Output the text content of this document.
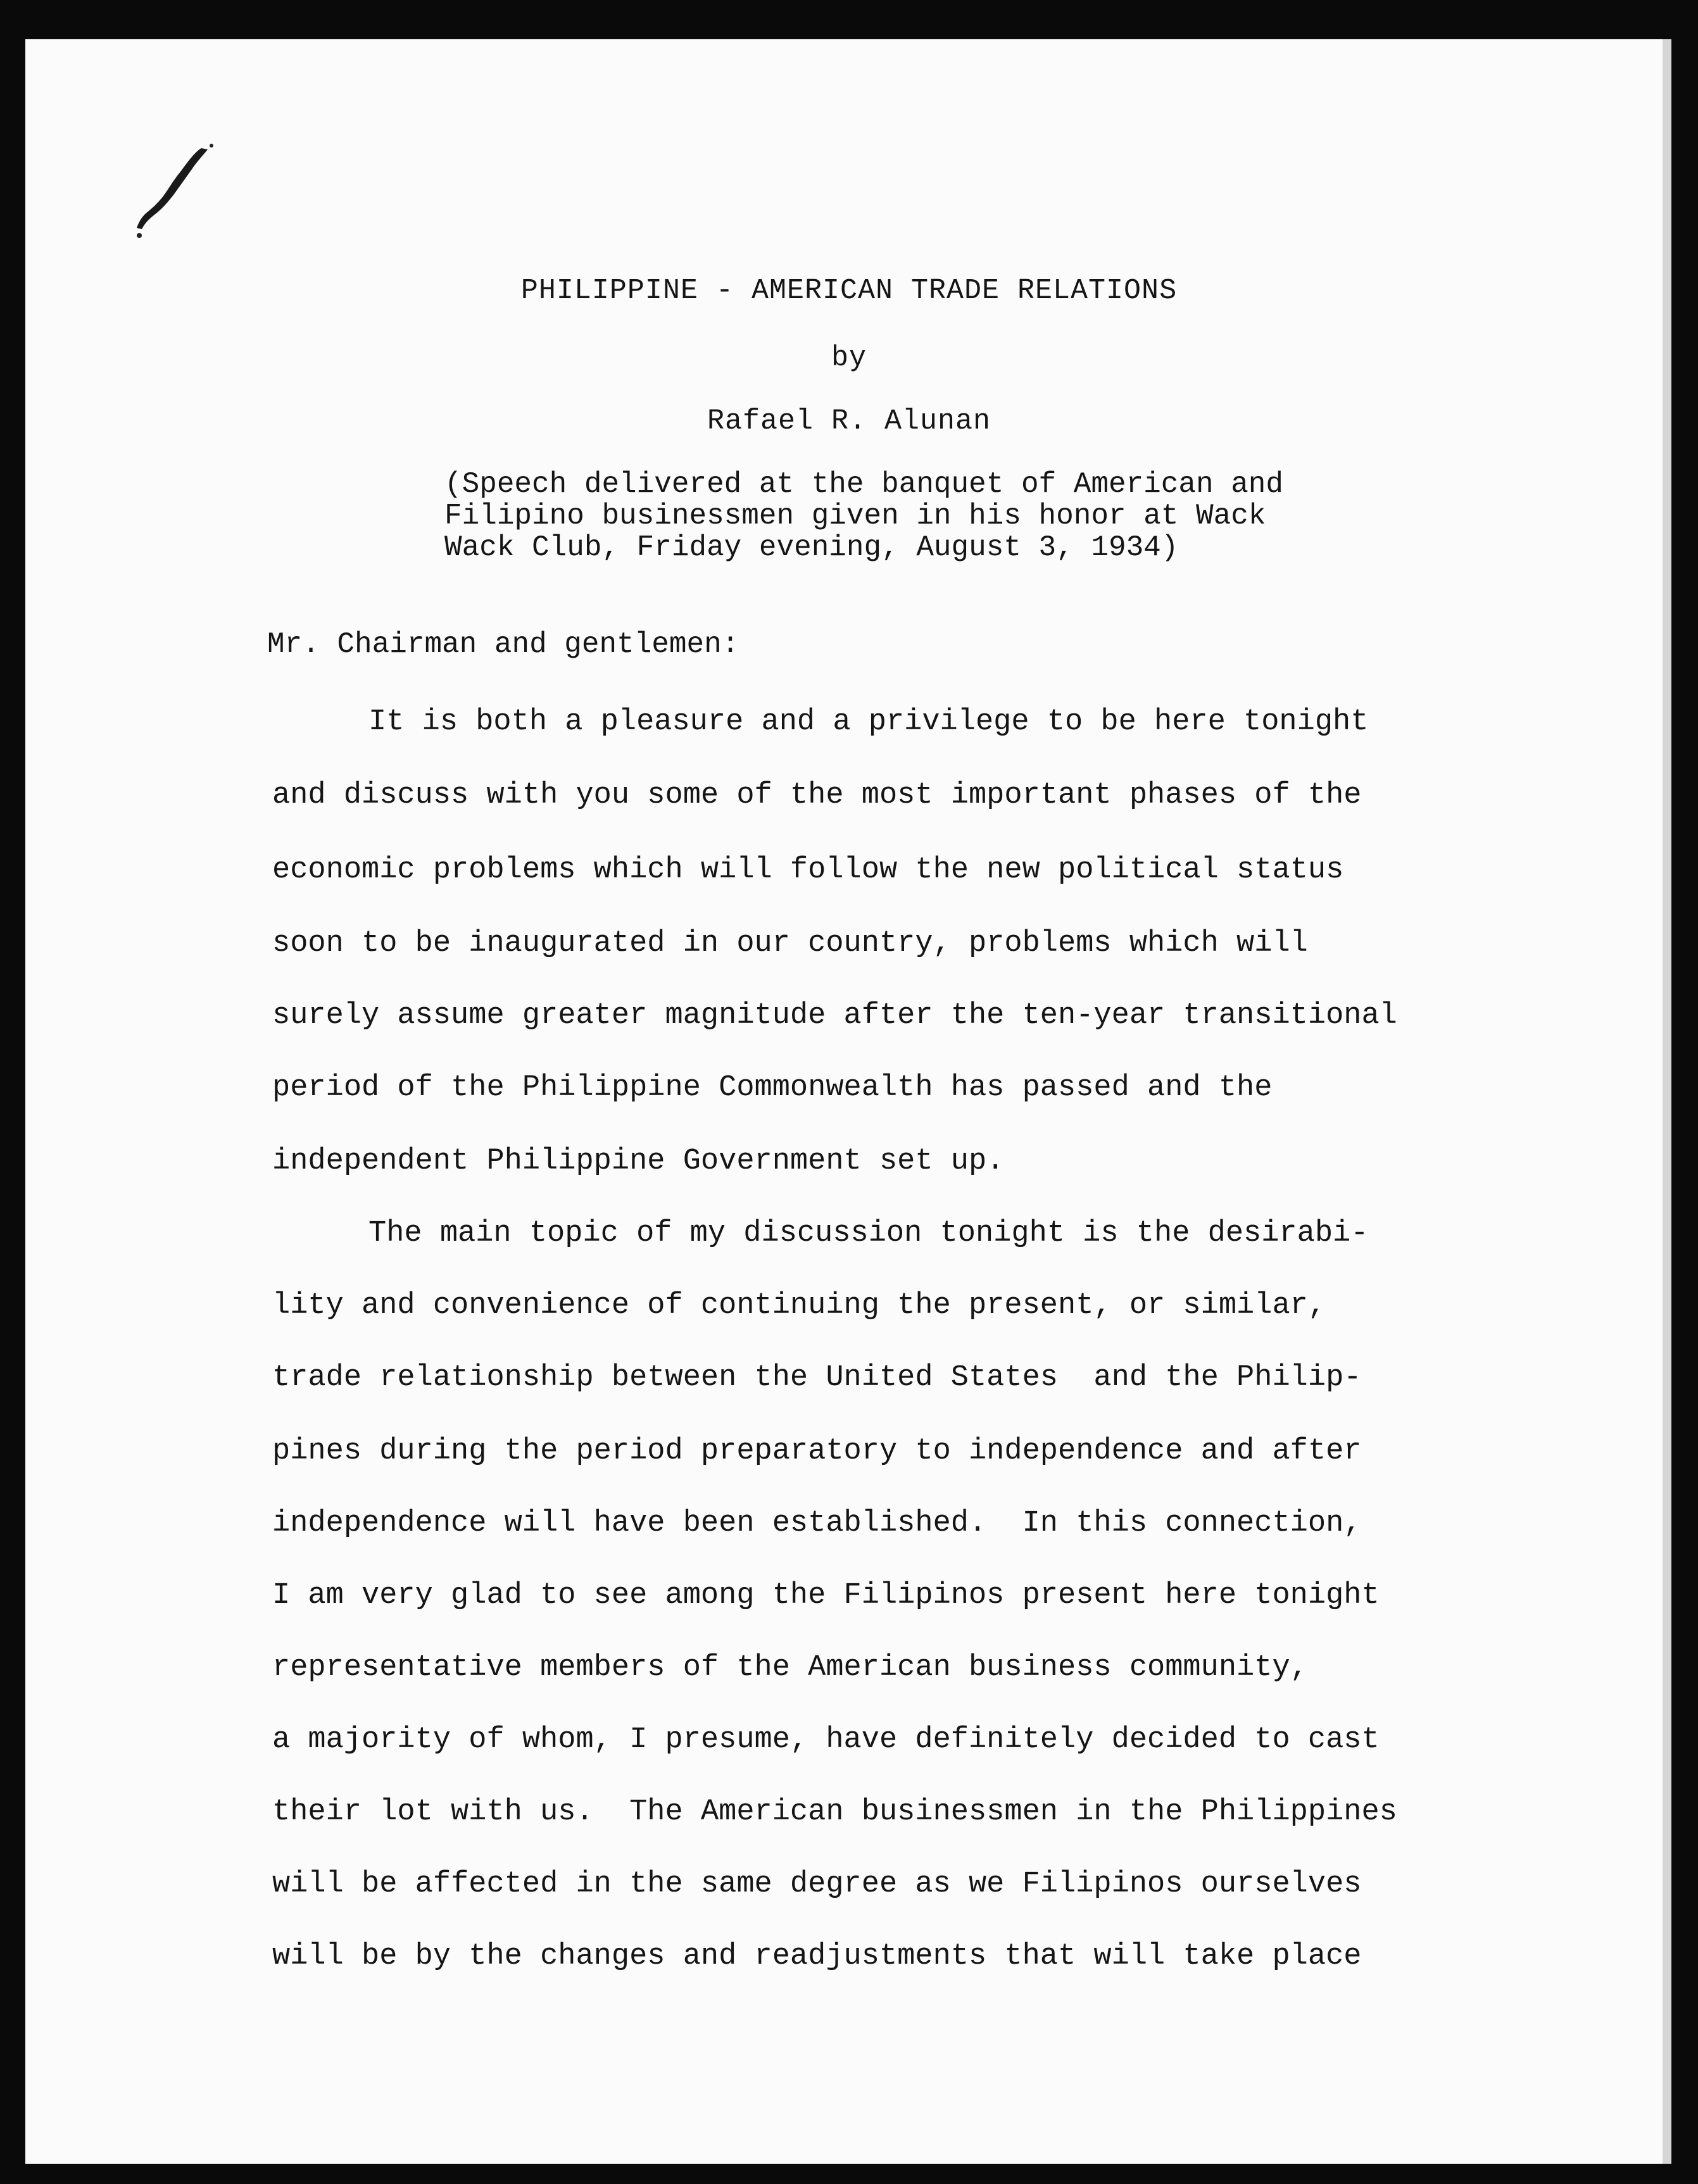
PHILIPPINE - AMERICAN TRADE RELATIONS

by

Rafael R. Alunan

(Speech delivered at the banquet of American and

Filipino businessmen given in his honor at Wack

Wack Club, Friday evening, August 3, 1934)

Mr. Chairman and gentlemen:

It is both a pleasure and a privilege to be here tonight

and discuss with you some of the most important phases of the

economic problems which will follow the new political status

soon to be inaugurated in our country, problems which will

surely assume greater magnitude after the ten-year transitional

period of the Philippine Commonwealth has passed and the

independent Philippine Government set up.

The main topic of my discussion tonight is the desirabi-

lity and convenience of continuing the present, or similar,

trade relationship between the United States  and the Philip-

pines during the period preparatory to independence and after

independence will have been established.  In this connection,

I am very glad to see among the Filipinos present here tonight

representative members of the American business community,

a majority of whom, I presume, have definitely decided to cast

their lot with us.  The American businessmen in the Philippines

will be affected in the same degree as we Filipinos ourselves

will be by the changes and readjustments that will take place
